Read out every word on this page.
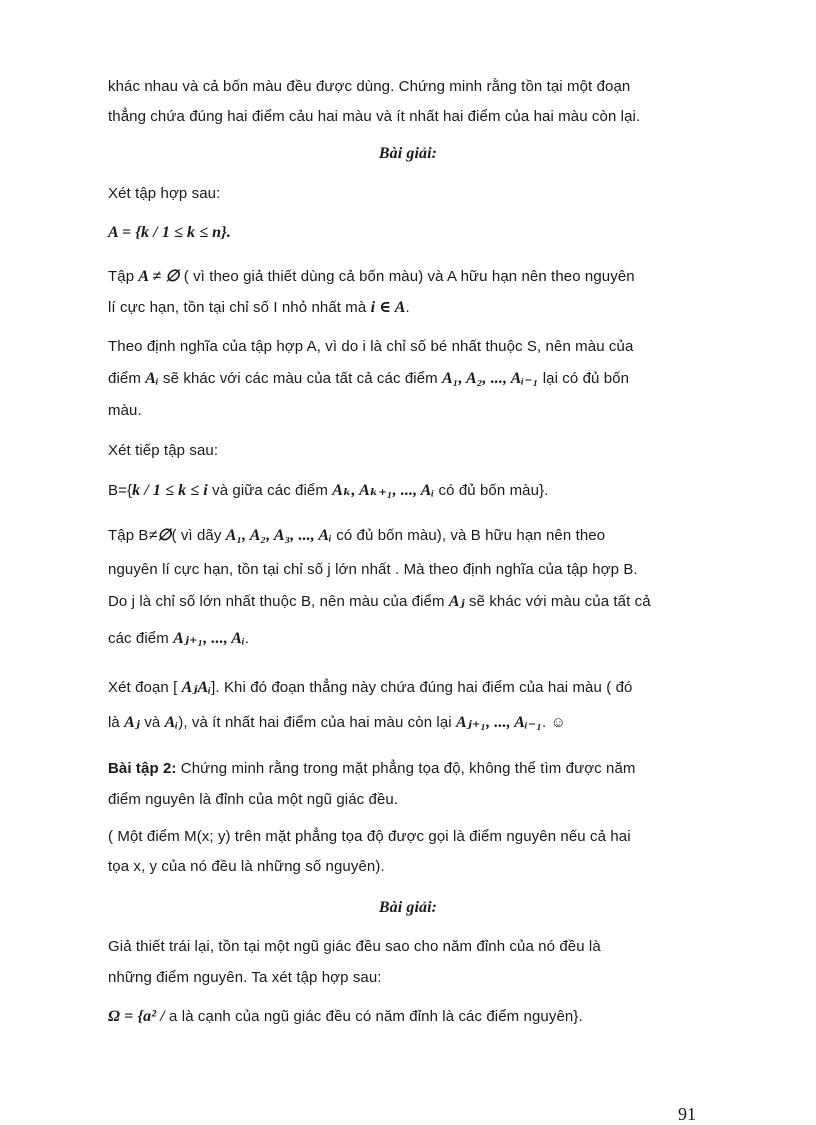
khác nhau và cả bốn màu đều được dùng. Chứng minh rằng tồn tại một đoạn
thẳng chứa đúng hai điểm cảu hai màu và ít nhất hai điểm của hai màu còn lại.
Bài giải:
Xét tập hợp sau:
A = {k / 1 ≤ k ≤ n}.
Tập A ≠ ∅ ( vì theo giả thiết dùng cả bốn màu) và A hữu hạn nên theo nguyên
lí cực hạn, tồn tại chỉ số I nhỏ nhất mà i ∈ A.
Theo định nghĩa của tập hợp A, vì do i là chỉ số bé nhất thuộc S, nên màu của
điểm Aᵢ sẽ khác với các màu của tất cả các điểm A₁, A₂, ..., Aᵢ₋₁ lại có đủ bốn
màu.
Xét tiếp tập sau:
B={k / 1 ≤ k ≤ i và giữa các điểm Aₖ, Aₖ₊₁, ..., Aᵢ có đủ bốn màu}.
Tập B≠∅( vì dãy A₁, A₂, A₃, ..., Aᵢ có đủ bốn màu), và B hữu hạn nên theo
nguyên lí cực hạn, tồn tại chỉ số j lớn nhất . Mà theo định nghĩa của tập hợp B.
Do j là chỉ số lớn nhất thuộc B, nên màu của điểm Aⱼ sẽ khác với màu của tất cả
các điểm Aⱼ₊₁, ..., Aᵢ.
Xét đoạn [ AⱼAᵢ]. Khi đó đoạn thẳng này chứa đúng hai điểm của hai màu ( đó
là Aⱼ và Aᵢ), và ít nhất hai điểm của hai màu còn lại Aⱼ₊₁, ..., Aᵢ₋₁. ☺
Bài tập 2: Chứng minh rằng trong mặt phẳng tọa độ, không thể tìm được năm
điểm nguyên là đỉnh của một ngũ giác đều.
( Một điểm M(x; y) trên mặt phẳng tọa độ được gọi là điểm nguyên nếu cả hai
tọa x, y của nó đều là những số nguyên).
Bài giải:
Giả thiết trái lại, tồn tại một ngũ giác đều sao cho năm đỉnh của nó đều là
những điểm nguyên. Ta xét tập hợp sau:
Ω = {a² / a là cạnh của ngũ giác đều có năm đỉnh là các điểm nguyên}.
91
